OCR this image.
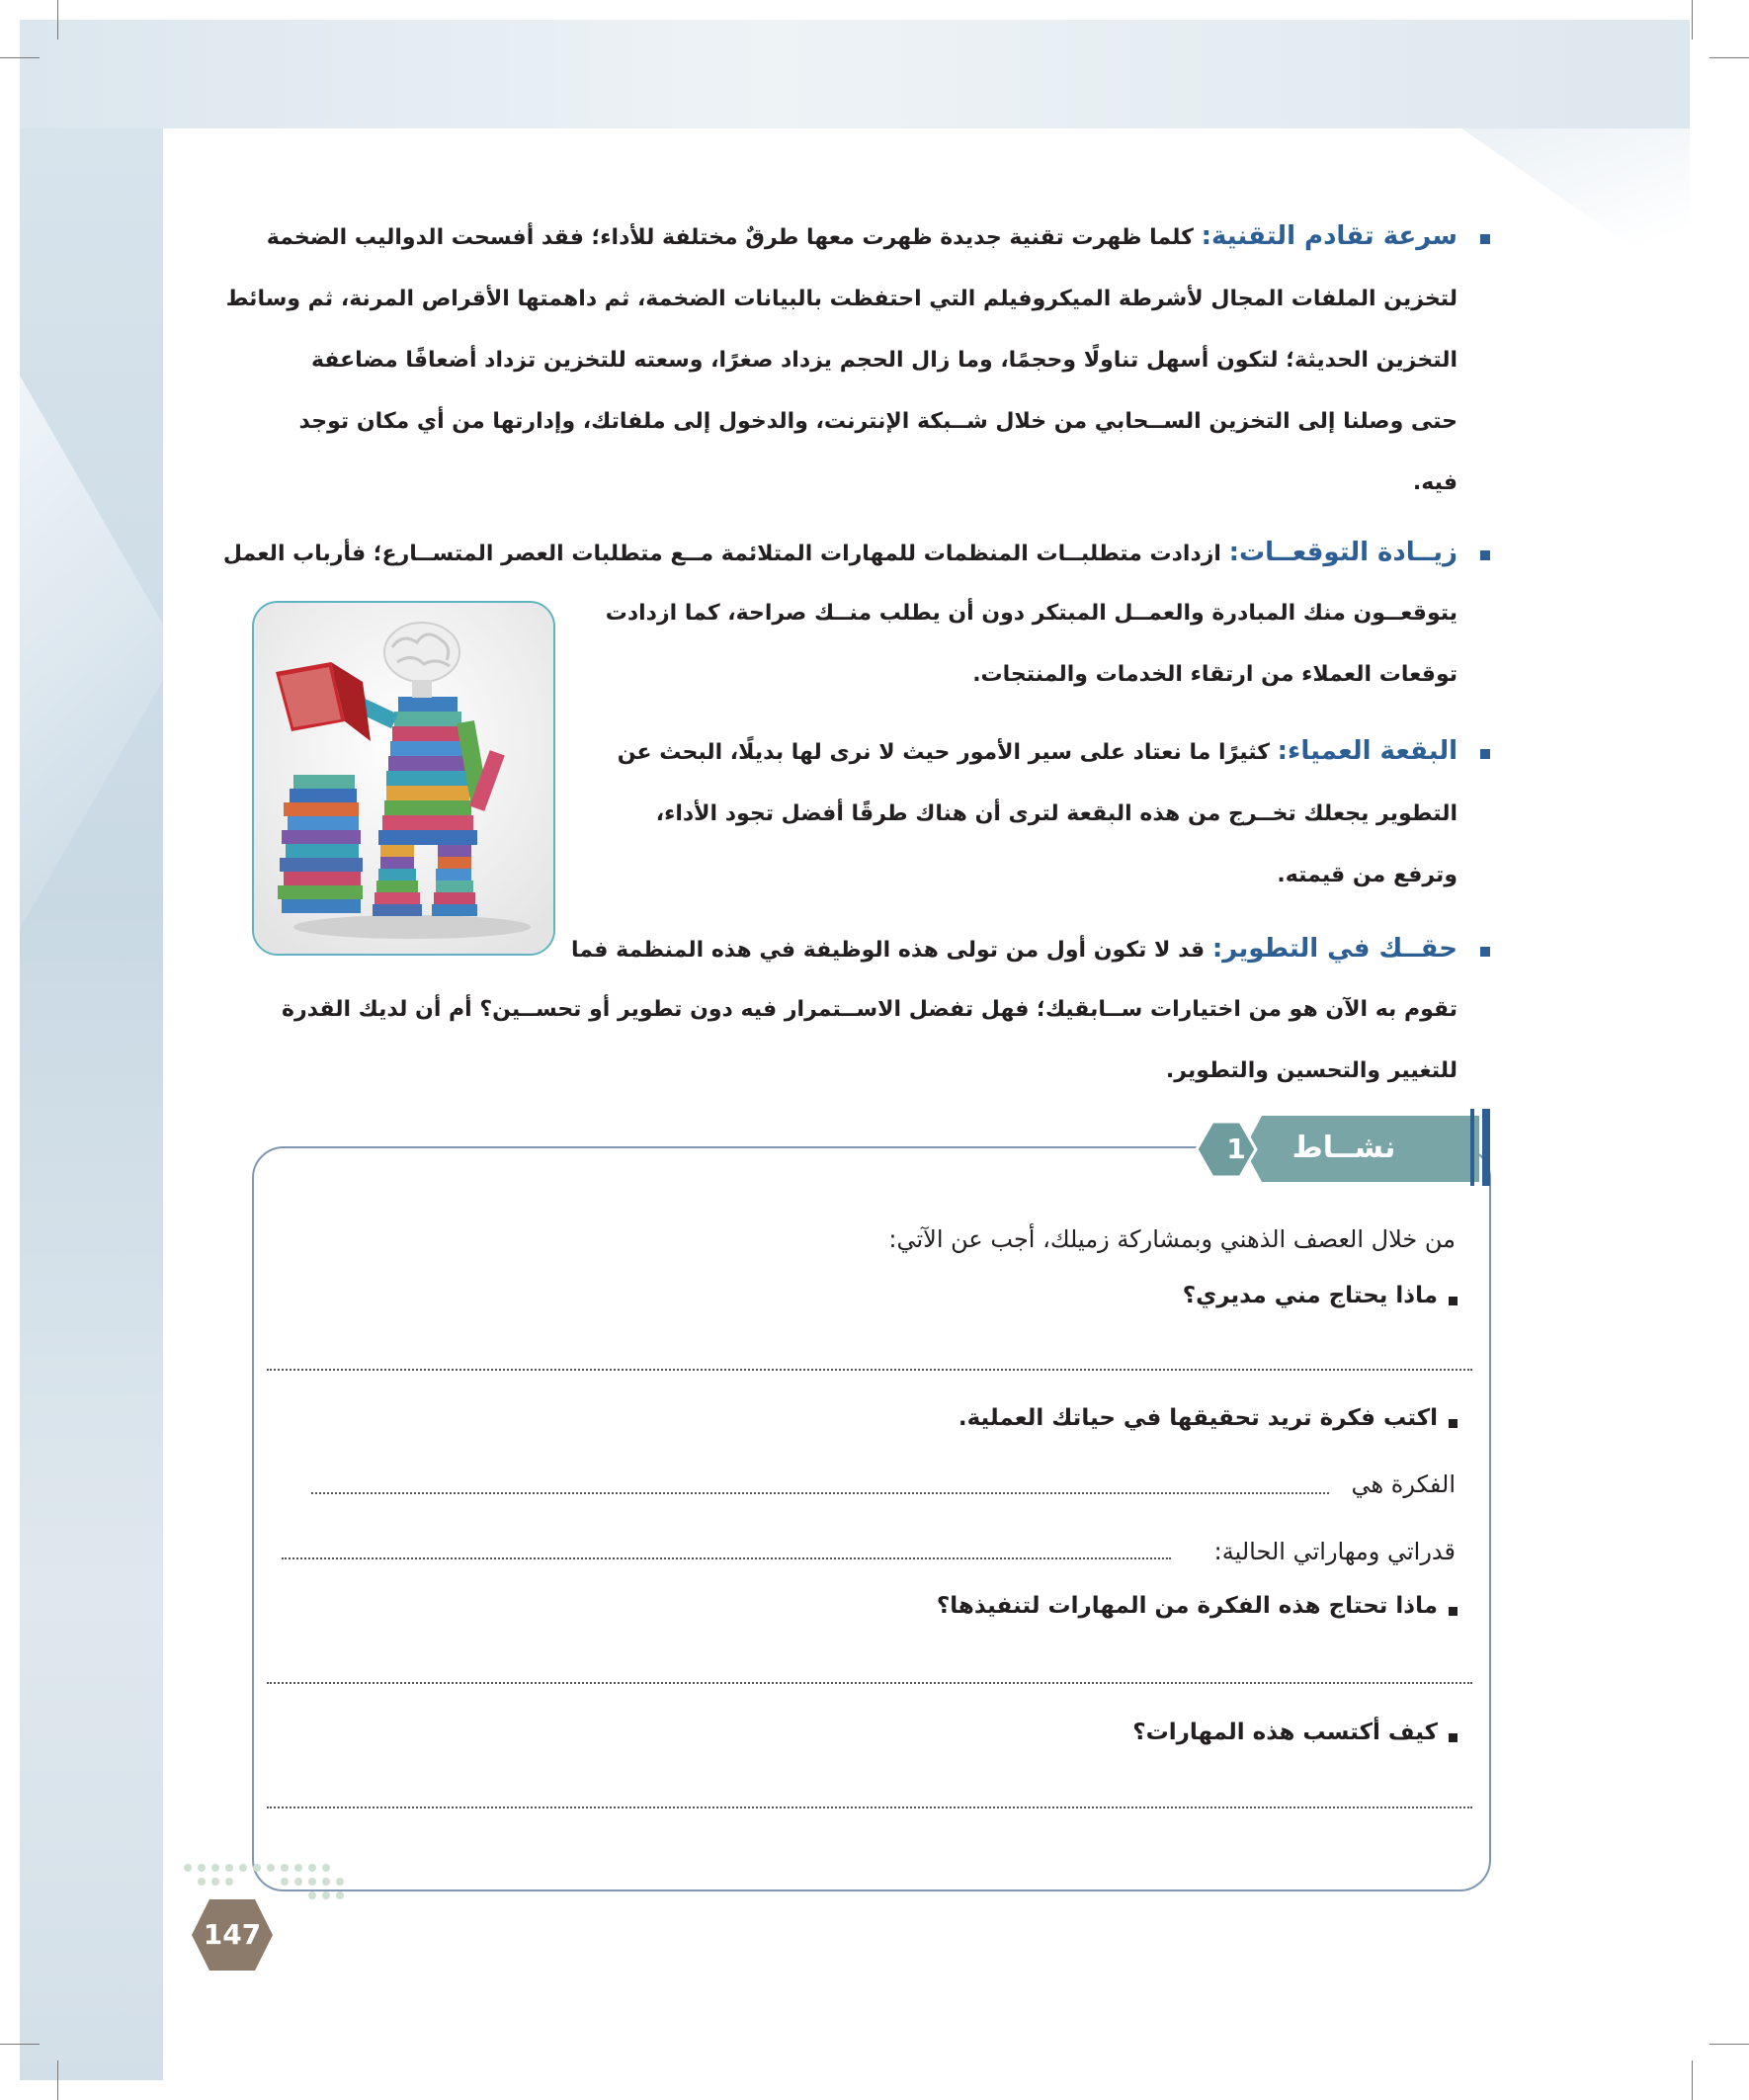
سرعة تقادم التقنية: كلما ظهرت تقنية جديدة ظهرت معها طرقٌ مختلفة للأداء؛ فقد أفسحت الدواليب الضخمة
لتخزين الملفات المجال لأشرطة الميكروفيلم التي احتفظت بالبيانات الضخمة، ثم داهمتها الأقراص المرنة، ثم وسائط
التخزين الحديثة؛ لتكون أسهل تناولًا وحجمًا، وما زال الحجم يزداد صغرًا، وسعته للتخزين تزداد أضعافًا مضاعفة
حتى وصلنا إلى التخزين الســحابي من خلال شــبكة الإنترنت، والدخول إلى ملفاتك، وإدارتها من أي مكان توجد
فيه.
زيــادة التوقعــات: ازدادت متطلبــات المنظمات للمهارات المتلائمة مــع متطلبات العصر المتســارع؛ فأرباب العمل
يتوقعــون منك المبادرة والعمــل المبتكر دون أن يطلب منــك صراحة، كما ازدادت
توقعات العملاء من ارتقاء الخدمات والمنتجات.
البقعة العمياء: كثيرًا ما نعتاد على سير الأمور حيث لا نرى لها بديلًا، البحث عن
التطوير يجعلك تخــرج من هذه البقعة لترى أن هناك طرقًا أفضل تجود الأداء،
وترفع من قيمته.
حقــك في التطوير: قد لا تكون أول من تولى هذه الوظيفة في هذه المنظمة فما
تقوم به الآن هو من اختيارات ســابقيك؛ فهل تفضل الاســتمرار فيه دون تطوير أو تحســين؟ أم أن لديك القدرة
للتغيير والتحسين والتطوير.
نشــاط
1
من خلال العصف الذهني وبمشاركة زميلك، أجب عن الآتي:
ماذا يحتاج مني مديري؟
اكتب فكرة تريد تحقيقها في حياتك العملية.
الفكرة هي
قدراتي ومهاراتي الحالية:
ماذا تحتاج هذه الفكرة من المهارات لتنفيذها؟
كيف أكتسب هذه المهارات؟
147
